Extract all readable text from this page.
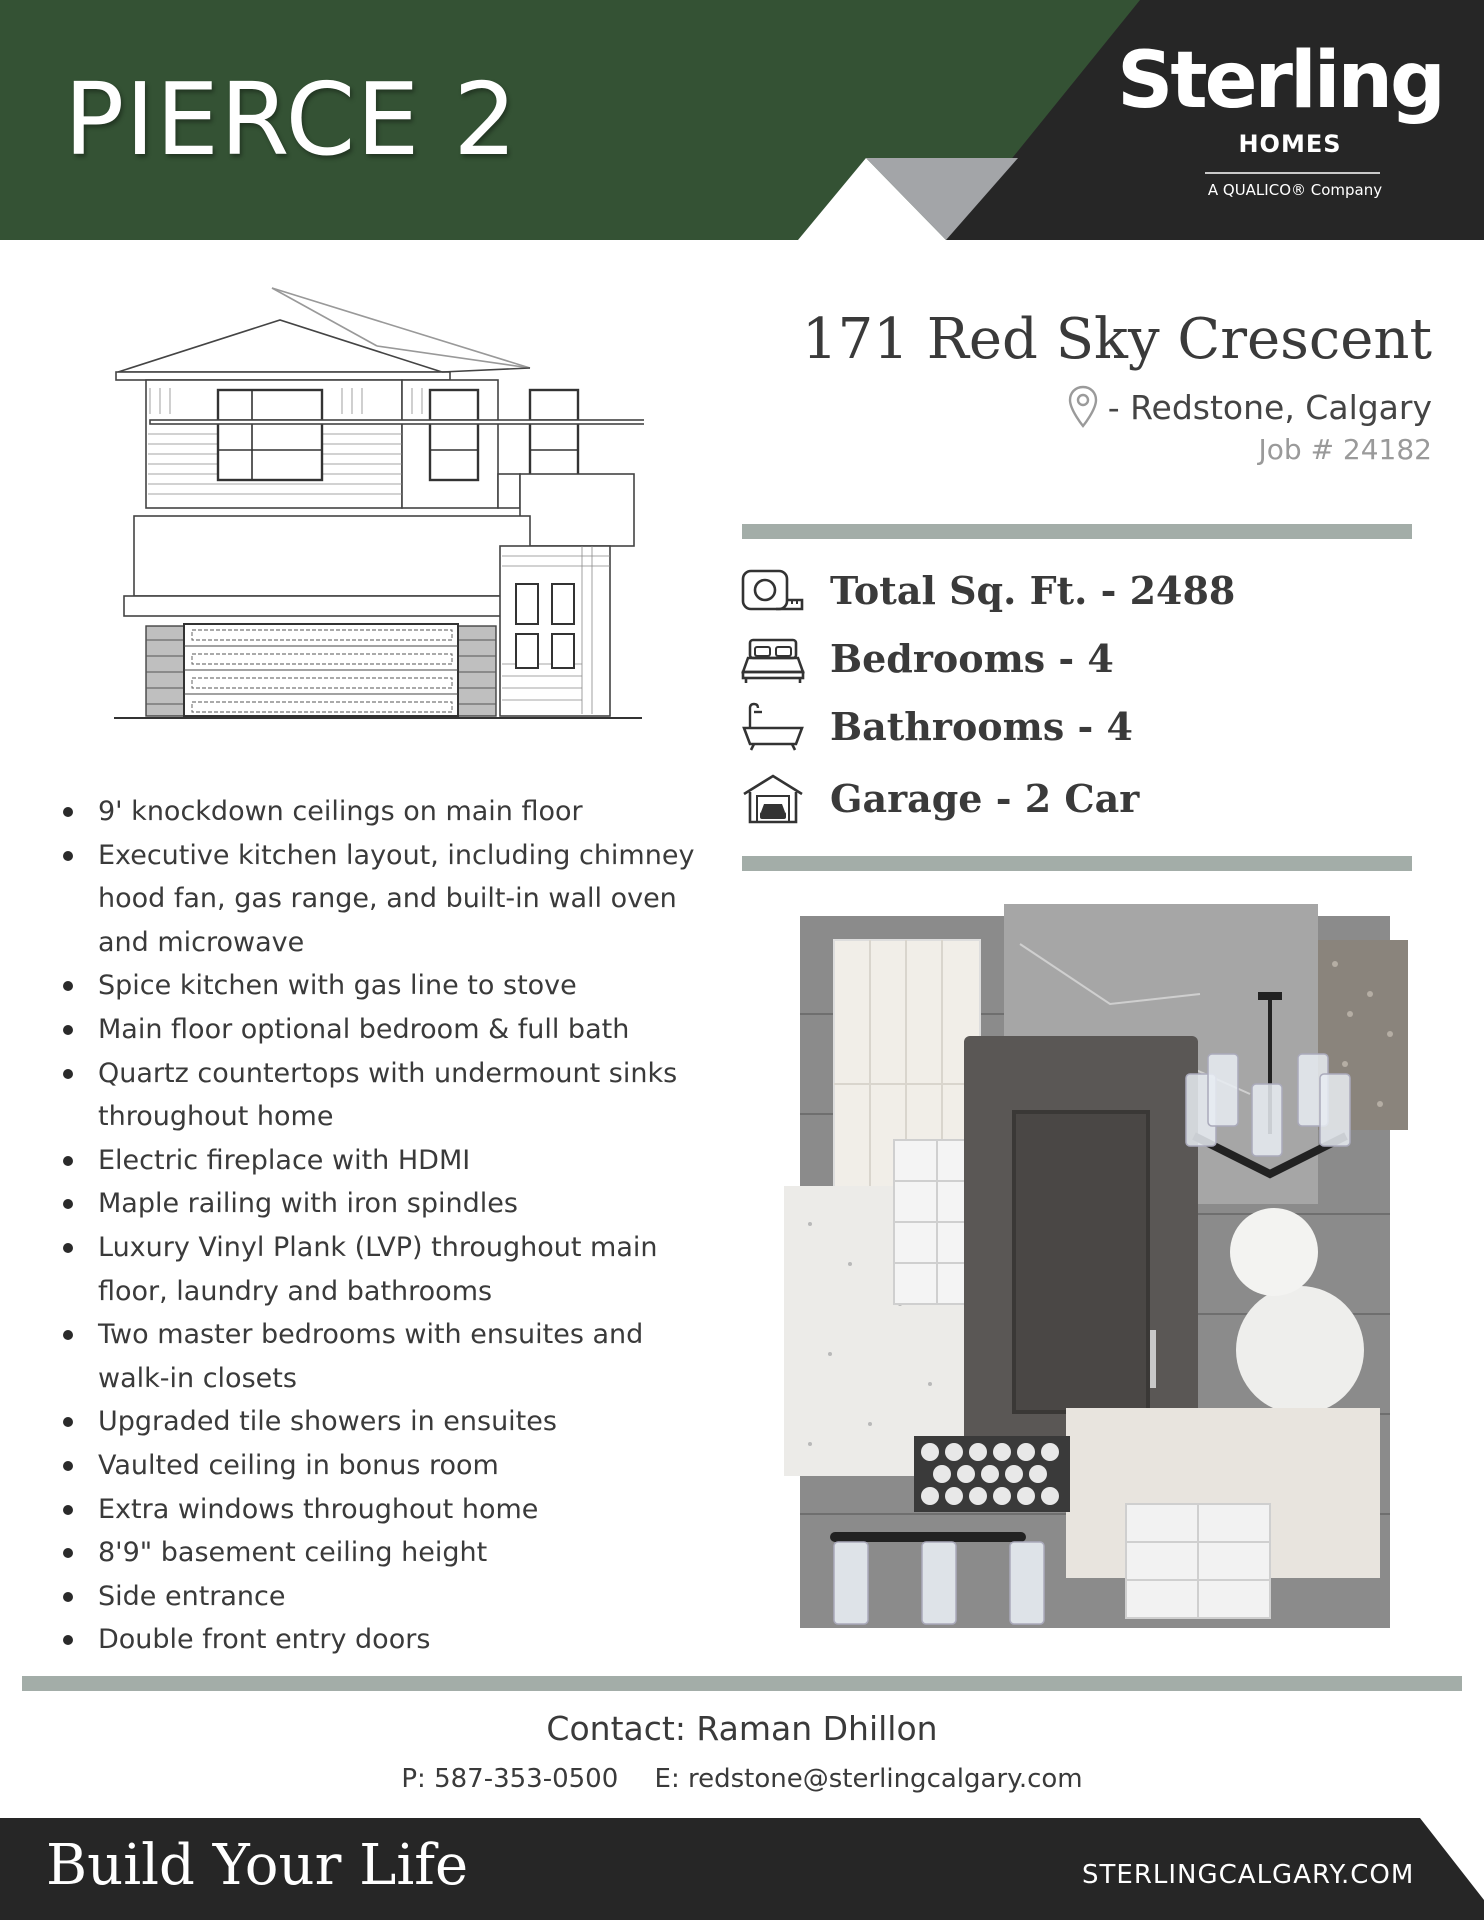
PIERCE 2	Sterling
HOMES
A QUALICO® Company
171 Red Sky Crescent
- Redstone, Calgary
Job # 24182
Total Sq. Ft. - 2488
Bedrooms - 4
Bathrooms - 4
Garage - 2 Car
9' knockdown ceilings on main floor
Executive kitchen layout, including chimney
hood fan, gas range, and built-in wall oven
and microwave
Spice kitchen with gas line to stove
Main floor optional bedroom & full bath
Quartz countertops with undermount sinks
throughout home
Electric fireplace with HDMI
Maple railing with iron spindles
Luxury Vinyl Plank (LVP) throughout main
floor, laundry and bathrooms
Two master bedrooms with ensuites and
walk-in closets
Upgraded tile showers in ensuites
Vaulted ceiling in bonus room
Extra windows throughout home
8'9" basement ceiling height
Side entrance
Double front entry doors
Contact: Raman Dhillon
P: 587-353-0500 E: redstone@sterlingcalgary.com
Build Your Life	STERLINGCALGARY.COM
